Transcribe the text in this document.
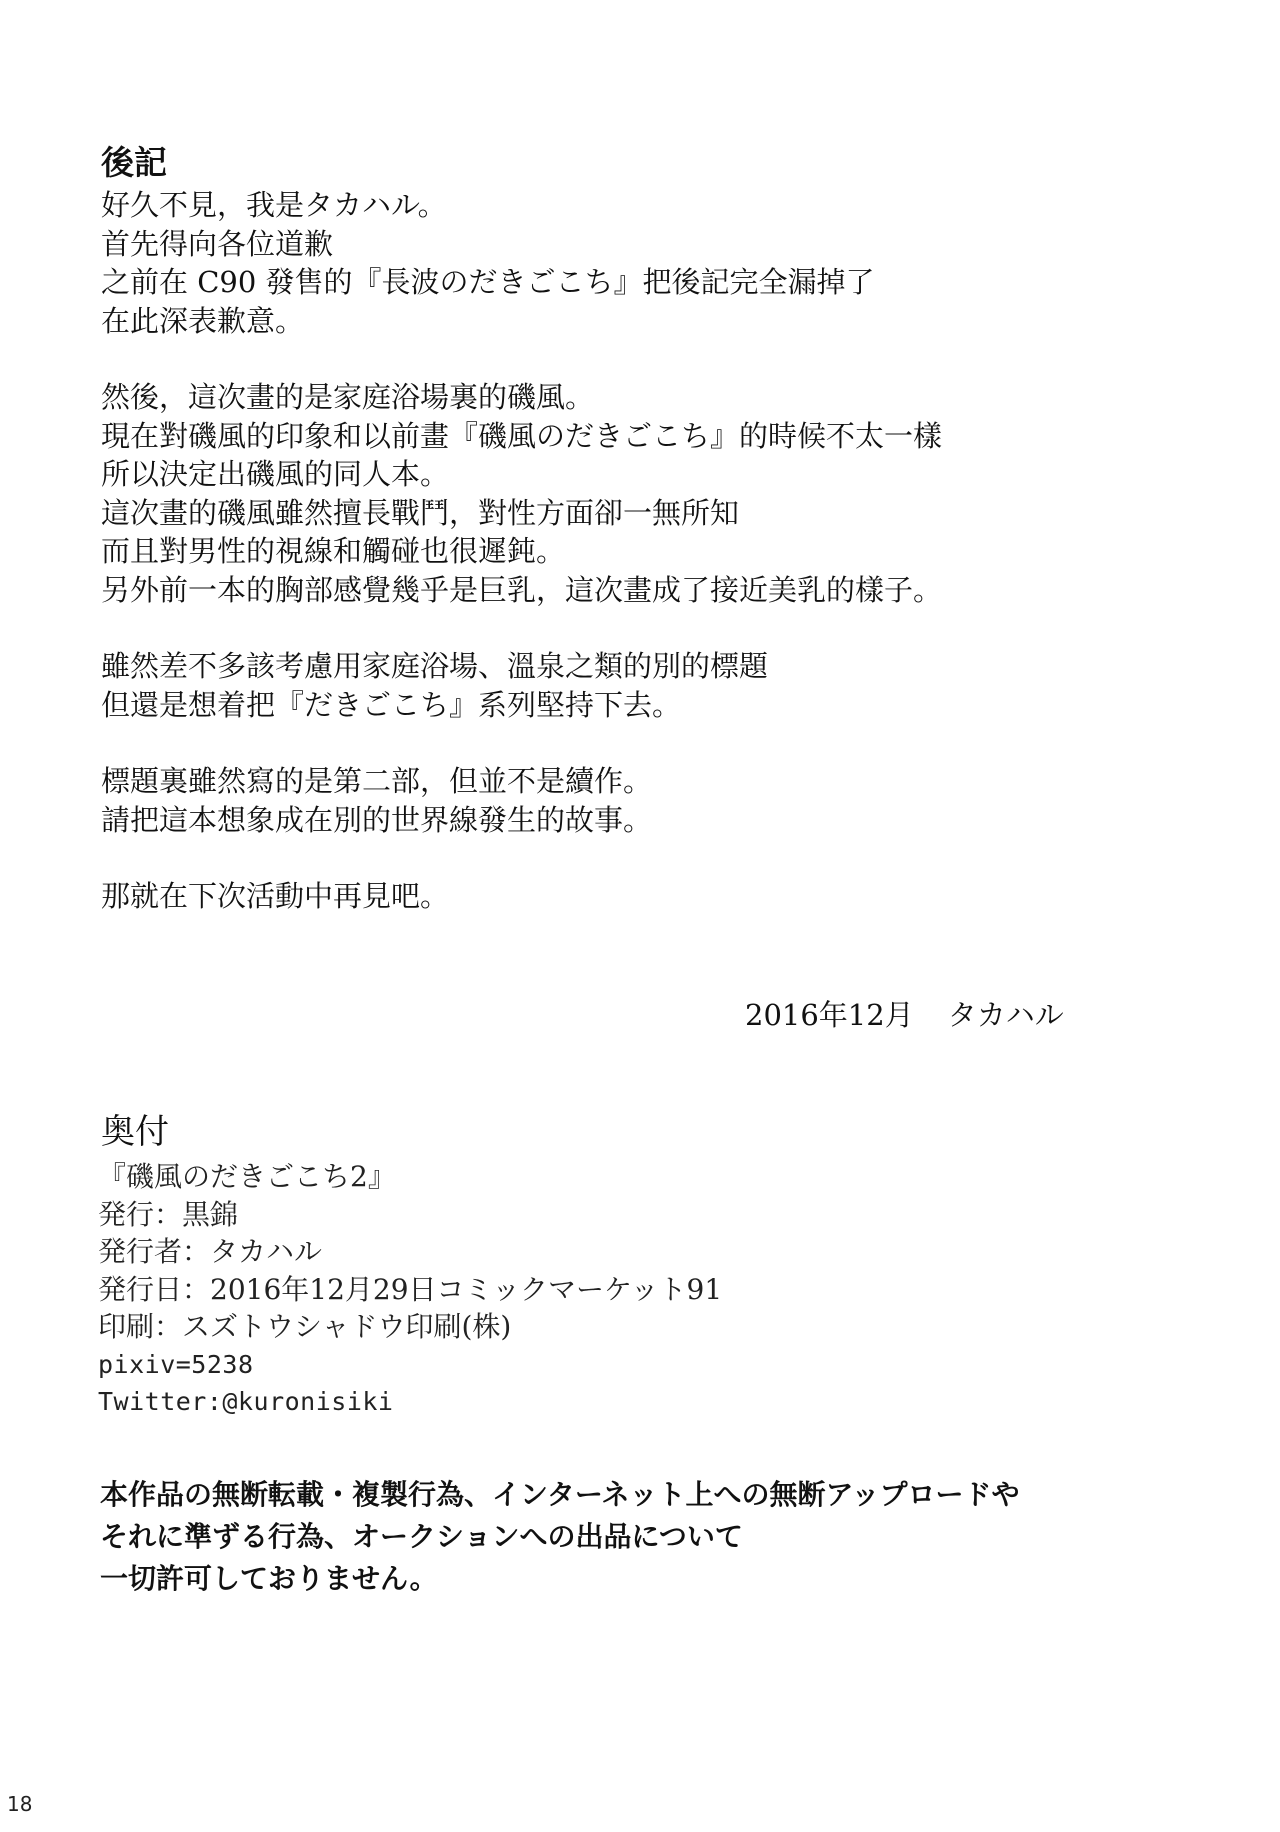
後記
好久不見，我是タカハル。
首先得向各位道歉
之前在 C90 發售的『長波のだきごこち』把後記完全漏掉了
在此深表歉意。
然後，這次畫的是家庭浴場裏的磯風。
現在對磯風的印象和以前畫『磯風のだきごこち』的時候不太一樣
所以決定出磯風的同人本。
這次畫的磯風雖然擅長戰鬥，對性方面卻一無所知
而且對男性的視線和觸碰也很遲鈍。
另外前一本的胸部感覺幾乎是巨乳，這次畫成了接近美乳的樣子。
雖然差不多該考慮用家庭浴場、溫泉之類的別的標題
但還是想着把『だきごこち』系列堅持下去。
標題裏雖然寫的是第二部，但並不是續作。
請把這本想象成在別的世界線發生的故事。
那就在下次活動中再見吧。
2016年12月 タカハル
奥付
『磯風のだきごこち2』
発行：黒錦
発行者：タカハル
発行日：2016年12月29日コミックマーケット91
印刷：スズトウシャドウ印刷(株)
pixiv=5238
Twitter:@kuronisiki
本作品の無断転載・複製行為、インターネット上への無断アップロードや
それに準ずる行為、オークションへの出品について
一切許可しておりません。
18
